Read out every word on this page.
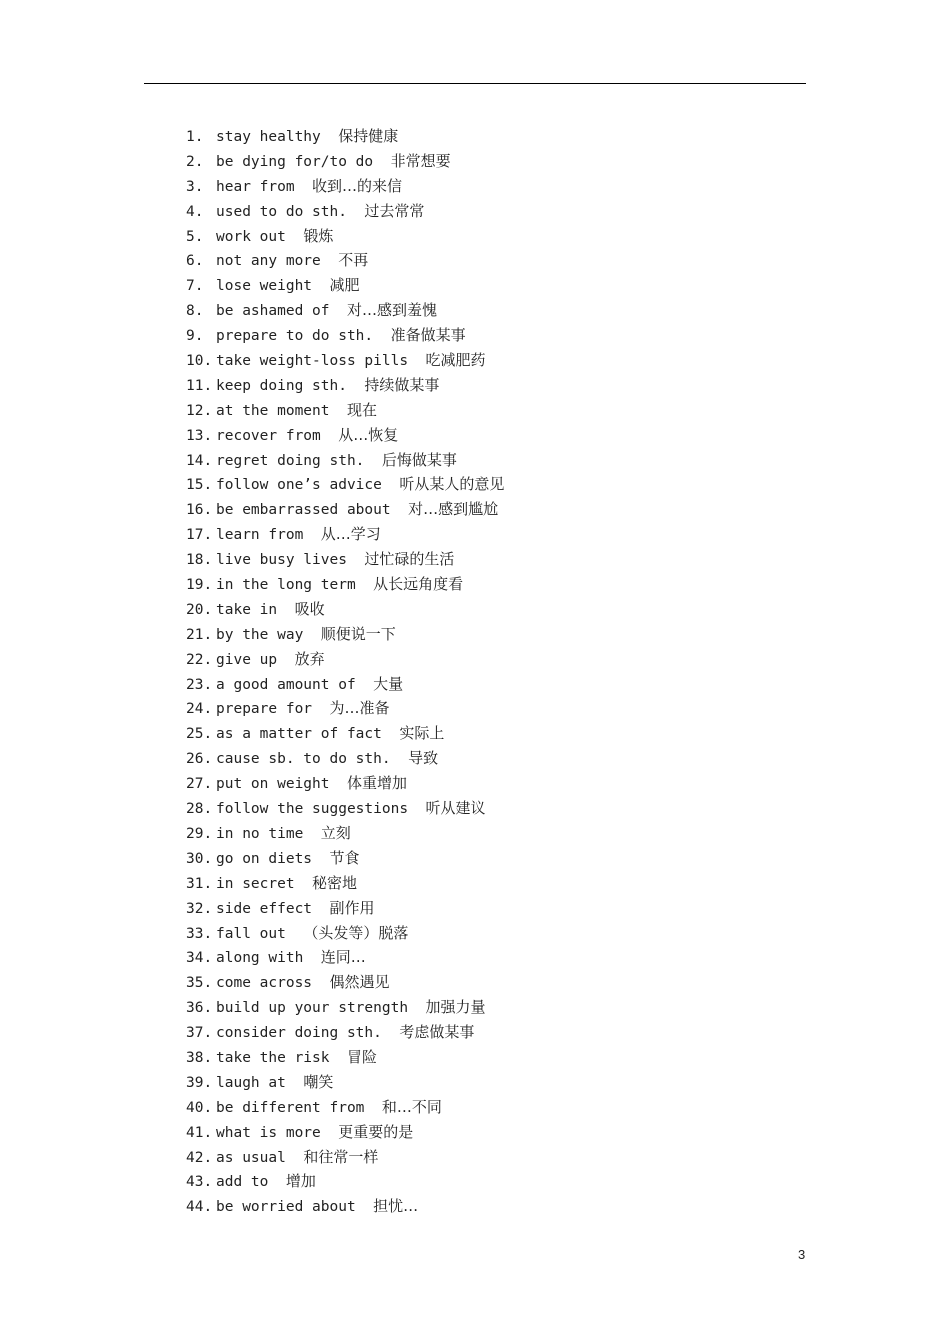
1. stay healthy 保持健康
2. be dying for/to do 非常想要
3. hear from 收到…的来信
4. used to do sth. 过去常常
5. work out 锻炼
6. not any more 不再
7. lose weight 减肥
8. be ashamed of 对…感到羞愧
9. prepare to do sth. 准备做某事
10. take weight-loss pills 吃减肥药
11. keep doing sth. 持续做某事
12. at the moment 现在
13. recover from 从…恢复
14. regret doing sth. 后悔做某事
15. follow one’s advice 听从某人的意见
16. be embarrassed about 对…感到尴尬
17. learn from 从…学习
18. live busy lives 过忙碌的生活
19. in the long term 从长远角度看
20. take in 吸收
21. by the way 顺便说一下
22. give up 放弃
23. a good amount of 大量
24. prepare for 为…准备
25. as a matter of fact 实际上
26. cause sb. to do sth. 导致
27. put on weight 体重增加
28. follow the suggestions 听从建议
29. in no time 立刻
30. go on diets 节食
31. in secret 秘密地
32. side effect 副作用
33. fall out （头发等）脱落
34. along with 连同…
35. come across 偶然遇见
36. build up your strength 加强力量
37. consider doing sth. 考虑做某事
38. take the risk 冒险
39. laugh at 嘲笑
40. be different from 和…不同
41. what is more 更重要的是
42. as usual 和往常一样
43. add to 增加
44. be worried about 担忧…
3
